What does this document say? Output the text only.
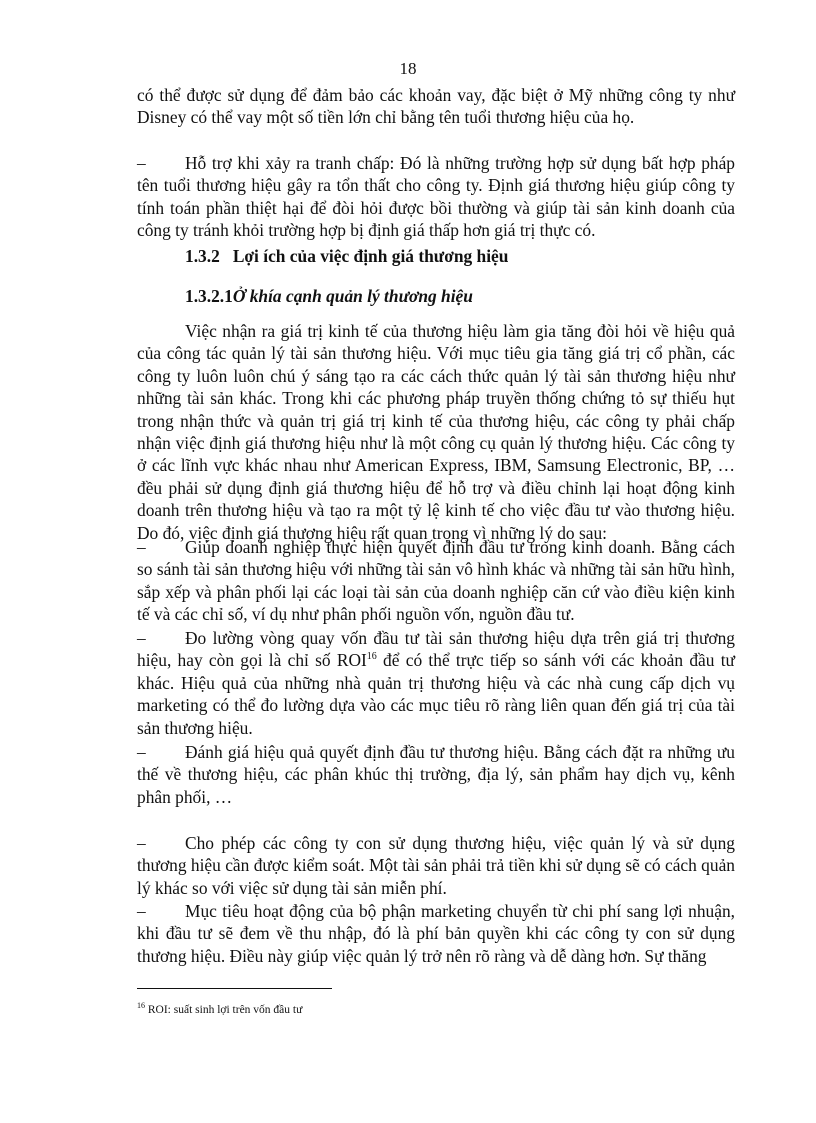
18

có thể được sử dụng để đảm bảo các khoản vay, đặc biệt ở Mỹ những công ty như Disney có thể vay một số tiền lớn chỉ bằng tên tuổi thương hiệu của họ.

– Hỗ trợ khi xảy ra tranh chấp: Đó là những trường hợp sử dụng bất hợp pháp tên tuổi thương hiệu gây ra tổn thất cho công ty. Định giá thương hiệu giúp công ty tính toán phần thiệt hại để đòi hỏi được bồi thường và giúp tài sản kinh doanh của công ty tránh khỏi trường hợp bị định giá thấp hơn giá trị thực có.

1.3.2   Lợi ích của việc định giá thương hiệu

1.3.2.1Ở khía cạnh quản lý thương hiệu

Việc nhận ra giá trị kinh tế của thương hiệu làm gia tăng đòi hỏi về hiệu quả của công tác quản lý tài sản thương hiệu. Với mục tiêu gia tăng giá trị cổ phần, các công ty luôn luôn chú ý sáng tạo ra các cách thức quản lý tài sản thương hiệu như những tài sản khác. Trong khi các phương pháp truyền thống chứng tỏ sự thiếu hụt trong nhận thức và quản trị giá trị kinh tế của thương hiệu, các công ty phải chấp nhận việc định giá thương hiệu như là một công cụ quản lý thương hiệu. Các công ty ở các lĩnh vực khác nhau như American Express, IBM, Samsung Electronic, BP, … đều phải sử dụng định giá thương hiệu để hỗ trợ và điều chỉnh lại hoạt động kinh doanh trên thương hiệu và tạo ra một tỷ lệ kinh tế cho việc đầu tư vào thương hiệu. Do đó, việc định giá thương hiệu rất quan trọng vì những lý do sau:

– Giúp doanh nghiệp thực hiện quyết định đầu tư trong kinh doanh. Bằng cách so sánh tài sản thương hiệu với những tài sản vô hình khác và những tài sản hữu hình, sắp xếp và phân phối lại các loại tài sản của doanh nghiệp căn cứ vào điều kiện kinh tế và các chỉ số, ví dụ như phân phối nguồn vốn, nguồn đầu tư.

– Đo lường vòng quay vốn đầu tư tài sản thương hiệu dựa trên giá trị thương hiệu, hay còn gọi là chỉ số ROI$^{16}$ để có thể trực tiếp so sánh với các khoản đầu tư khác. Hiệu quả của những nhà quản trị thương hiệu và các nhà cung cấp dịch vụ marketing có thể đo lường dựa vào các mục tiêu rõ ràng liên quan đến giá trị của tài sản thương hiệu.

– Đánh giá hiệu quả quyết định đầu tư thương hiệu. Bằng cách đặt ra những ưu thế về thương hiệu, các phân khúc thị trường, địa lý, sản phẩm hay dịch vụ, kênh phân phối, …

– Cho phép các công ty con sử dụng thương hiệu, việc quản lý và sử dụng thương hiệu cần được kiểm soát. Một tài sản phải trả tiền khi sử dụng sẽ có cách quản lý khác so với việc sử dụng tài sản miễn phí.

– Mục tiêu hoạt động của bộ phận marketing chuyển từ chi phí sang lợi nhuận, khi đầu tư sẽ đem về thu nhập, đó là phí bản quyền khi các công ty con sử dụng thương hiệu. Điều này giúp việc quản lý trở nên rõ ràng và dễ dàng hơn. Sự thăng

$^{16}$ ROI: suất sinh lợi trên vốn đầu tư
